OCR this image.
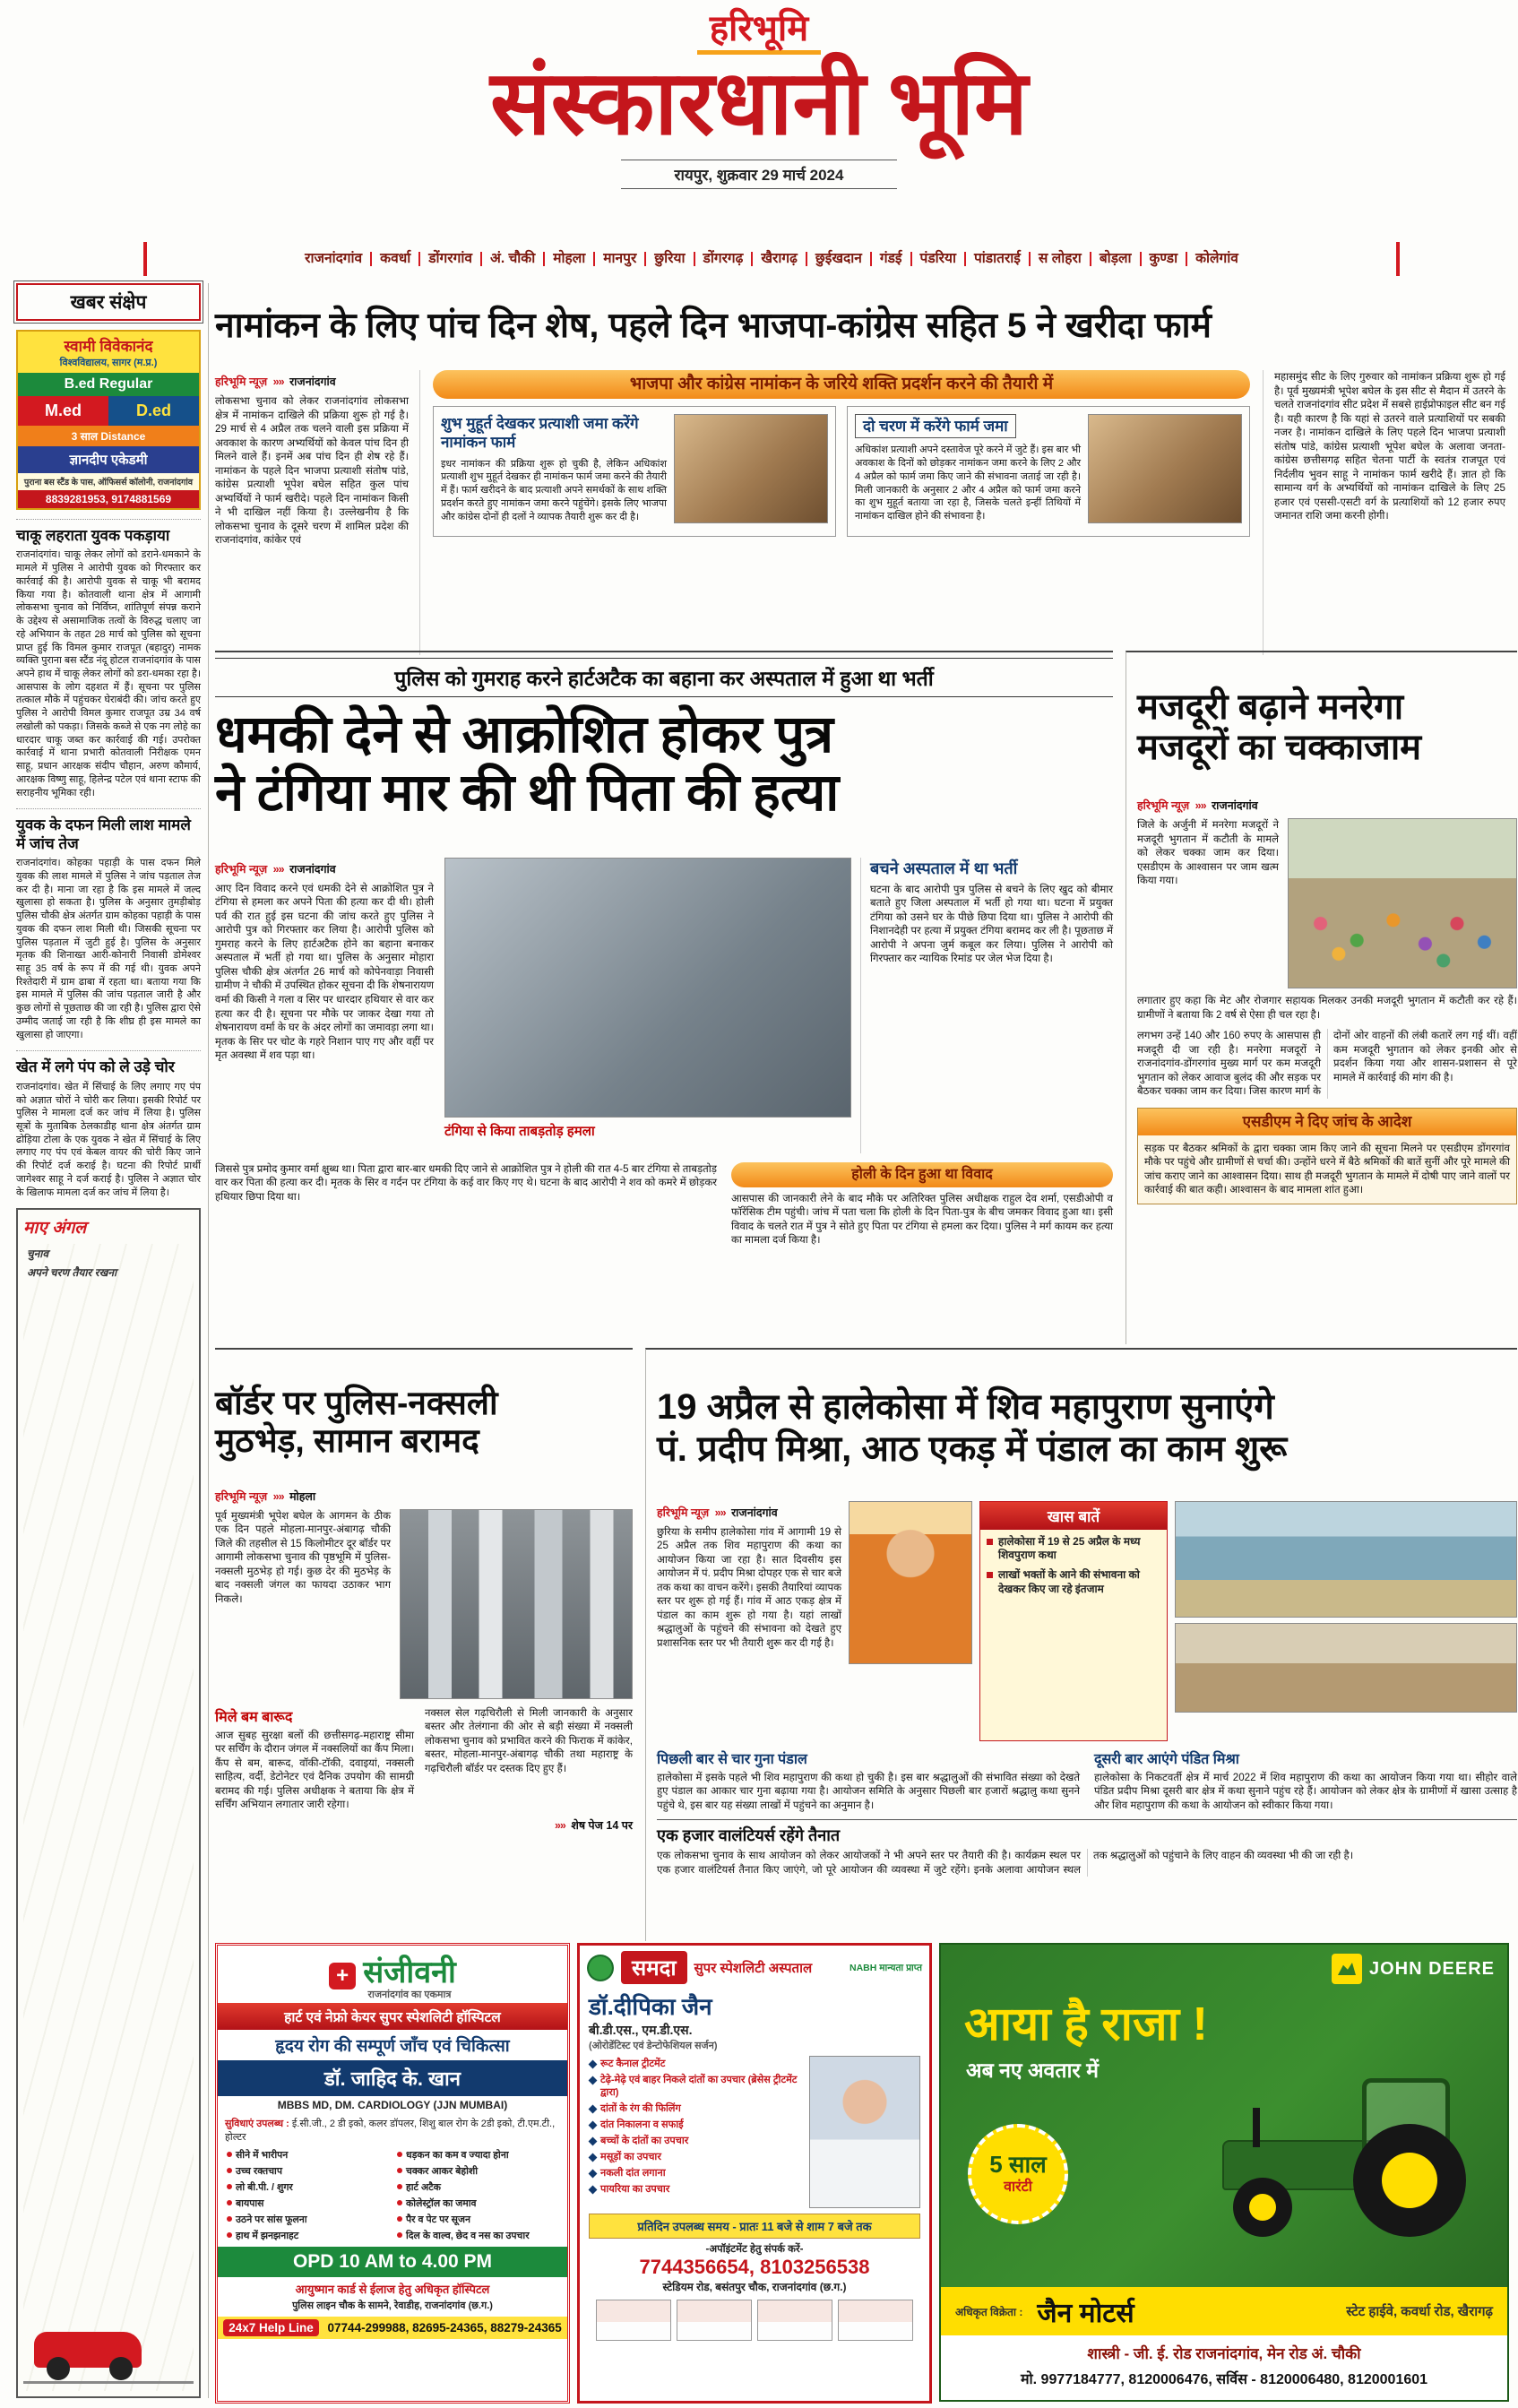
हरिभूमि
संस्कारधानी भूमि
रायपुर, शुक्रवार 29 मार्च 2024
राजनांदगांव	कवर्धा	डोंगरगांव	अं. चौकी	मोहला	मानपुर	छुरिया	डोंगरगढ़	खैरागढ़	छुईखदान	गंडई	पंडरिया	पांडातराई	स लोहरा	बोड़ला	कुण्डा	कोलेगांव
खबर संक्षेप
स्वामी विवेकानंद
विश्वविद्यालय, सागर (म.प्र.)
B.ed Regular
M.ed	D.ed
3 साल Distance
ज्ञानदीप एकेडमी
पुराना बस स्टैंड के पास, ऑफिसर्स कॉलोनी, राजनांदगांव
8839281953, 9174881569
चाकू लहराता युवक पकड़ाया
राजनांदगांव। चाकू लेकर लोगों को डराने-धमकाने के मामले में पुलिस ने आरोपी युवक को गिरफ्तार कर कार्रवाई की है। आरोपी युवक से चाकू भी बरामद किया गया है। कोतवाली थाना क्षेत्र में आगामी लोकसभा चुनाव को निर्विघ्न, शांतिपूर्ण संपन्न कराने के उद्देश्य से असामाजिक तत्वों के विरुद्ध चलाए जा रहे अभियान के तहत 28 मार्च को पुलिस को सूचना प्राप्त हुई कि विमल कुमार राजपूत (बहादुर) नामक व्यक्ति पुराना बस स्टैंड नंदू होटल राजनांदगांव के पास अपने हाथ में चाकू लेकर लोगों को डरा-धमका रहा है। आसपास के लोग दहशत में हैं। सूचना पर पुलिस तत्काल मौके में पहुंचकर घेराबंदी की। जांच करते हुए पुलिस ने आरोपी विमल कुमार राजपूत उम्र 34 वर्ष लखोली को पकड़ा। जिसके कब्जे से एक नग लोहे का धारदार चाकू जब्त कर कार्रवाई की गई। उपरोक्त कार्रवाई में थाना प्रभारी कोतवाली निरीक्षक एमन साहू, प्रधान आरक्षक संदीप चौहान, अरुण कौमार्य, आरक्षक विष्णु साहू, हिलेन्द्र पटेल एवं थाना स्टाफ की सराहनीय भूमिका रही।
युवक के दफन मिली लाश मामले में जांच तेज
राजनांदगांव। कोहका पहाड़ी के पास दफन मिले युवक की लाश मामले में पुलिस ने जांच पड़ताल तेज कर दी है। माना जा रहा है कि इस मामले में जल्द खुलासा हो सकता है। पुलिस के अनुसार तुमड़ीबोड़ पुलिस चौकी क्षेत्र अंतर्गत ग्राम कोहका पहाड़ी के पास युवक की दफन लाश मिली थी। जिसकी सूचना पर पुलिस पड़ताल में जुटी हुई है। पुलिस के अनुसार मृतक की शिनाख्त आरी-कोनारी निवासी डोमेश्वर साहू 35 वर्ष के रूप में की गई थी। युवक अपने रिश्तेदारी में ग्राम ढाबा में रहता था। बताया गया कि इस मामले में पुलिस की जांच पड़ताल जारी है और कुछ लोगों से पूछताछ की जा रही है। पुलिस द्वारा ऐसे उम्मीद जताई जा रही है कि शीघ्र ही इस मामले का खुलासा हो जाएगा।
खेत में लगे पंप को ले उड़े चोर
राजनांदगांव। खेत में सिंचाई के लिए लगाए गए पंप को अज्ञात चोरों ने चोरी कर लिया। इसकी रिपोर्ट पर पुलिस ने मामला दर्ज कर जांच में लिया है। पुलिस सूत्रों के मुताबिक ठेलकाडीह थाना क्षेत्र अंतर्गत ग्राम ढोड़िया टोला के एक युवक ने खेत में सिंचाई के लिए लगाए गए पंप एवं केबल वायर की चोरी किए जाने की रिपोर्ट दर्ज कराई है। घटना की रिपोर्ट प्रार्थी जागेश्वर साहू ने दर्ज कराई है। पुलिस ने अज्ञात चोर के खिलाफ मामला दर्ज कर जांच में लिया है।
माए अंगल
चुनाव
अपने चरण तैयार रखना
नामांकन के लिए पांच दिन शेष, पहले दिन भाजपा-कांग्रेस सहित 5 ने खरीदा फार्म
हरिभूमि न्यूज़ »» राजनांदगांव
लोकसभा चुनाव को लेकर राजनांदगांव लोकसभा क्षेत्र में नामांकन दाखिले की प्रक्रिया शुरू हो गई है। 29 मार्च से 4 अप्रैल तक चलने वाली इस प्रक्रिया में अवकाश के कारण अभ्यर्थियों को केवल पांच दिन ही मिलने वाले हैं। इनमें अब पांच दिन ही शेष रहे हैं। नामांकन के पहले दिन भाजपा प्रत्याशी संतोष पांडे, कांग्रेस प्रत्याशी भूपेश बघेल सहित कुल पांच अभ्यर्थियों ने फार्म खरीदे। पहले दिन नामांकन किसी ने भी दाखिल नहीं किया है। उल्लेखनीय है कि लोकसभा चुनाव के दूसरे चरण में शामिल प्रदेश की राजनांदगांव, कांकेर एवं
भाजपा और कांग्रेस नामांकन के जरिये शक्ति प्रदर्शन करने की तैयारी में
शुभ मुहूर्त देखकर प्रत्याशी जमा करेंगे नामांकन फार्म
इधर नामांकन की प्रक्रिया शुरू हो चुकी है, लेकिन अधिकांश प्रत्याशी शुभ मुहूर्त देखकर ही नामांकन फार्म जमा करने की तैयारी में हैं। फार्म खरीदने के बाद प्रत्याशी अपने समर्थकों के साथ शक्ति प्रदर्शन करते हुए नामांकन जमा करने पहुंचेंगे। इसके लिए भाजपा और कांग्रेस दोनों ही दलों ने व्यापक तैयारी शुरू कर दी है।
दो चरण में करेंगे फार्म जमा
अधिकांश प्रत्याशी अपने दस्तावेज पूरे करने में जुटे हैं। इस बार भी अवकाश के दिनों को छोड़कर नामांकन जमा करने के लिए 2 और 4 अप्रैल को फार्म जमा किए जाने की संभावना जताई जा रही है। मिली जानकारी के अनुसार 2 और 4 अप्रैल को फार्म जमा करने का शुभ मुहूर्त बताया जा रहा है, जिसके चलते इन्हीं तिथियों में नामांकन दाखिल होने की संभावना है।
महासमुंद सीट के लिए गुरुवार को नामांकन प्रक्रिया शुरू हो गई है। पूर्व मुख्यमंत्री भूपेश बघेल के इस सीट से मैदान में उतरने के चलते राजनांदगांव सीट प्रदेश में सबसे हाईप्रोफाइल सीट बन गई है। यही कारण है कि यहां से उतरने वाले प्रत्याशियों पर सबकी नजर है। नामांकन दाखिले के लिए पहले दिन भाजपा प्रत्याशी संतोष पांडे, कांग्रेस प्रत्याशी भूपेश बघेल के अलावा जनता-कांग्रेस छत्तीसगढ़ सहित चेतना पार्टी के स्वतंत्र राजपूत एवं निर्दलीय भुवन साहू ने नामांकन फार्म खरीदे हैं। ज्ञात हो कि सामान्य वर्ग के अभ्यर्थियों को नामांकन दाखिले के लिए 25 हजार एवं एससी-एसटी वर्ग के प्रत्याशियों को 12 हजार रुपए जमानत राशि जमा करनी होगी।
पुलिस को गुमराह करने हार्टअटैक का बहाना कर अस्पताल में हुआ था भर्ती
धमकी देने से आक्रोशित होकर पुत्र
ने टंगिया मार की थी पिता की हत्या
हरिभूमि न्यूज़ »» राजनांदगांव
आए दिन विवाद करने एवं धमकी देने से आक्रोशित पुत्र ने टंगिया से हमला कर अपने पिता की हत्या कर दी थी। होली पर्व की रात हुई इस घटना की जांच करते हुए पुलिस ने आरोपी पुत्र को गिरफ्तार कर लिया है। आरोपी पुलिस को गुमराह करने के लिए हार्टअटैक होने का बहाना बनाकर अस्पताल में भर्ती हो गया था। पुलिस के अनुसार मोहारा पुलिस चौकी क्षेत्र अंतर्गत 26 मार्च को कोपेनवाड़ा निवासी ग्रामीण ने चौकी में उपस्थित होकर सूचना दी कि शेषनारायण वर्मा की किसी ने गला व सिर पर धारदार हथियार से वार कर हत्या कर दी है। सूचना पर मौके पर जाकर देखा गया तो शेषनारायण वर्मा के घर के अंदर लोगों का जमावड़ा लगा था। मृतक के सिर पर चोट के गहरे निशान पाए गए और वहीं पर मृत अवस्था में शव पड़ा था।
टंगिया से किया ताबड़तोड़ हमला
बचने अस्पताल में था भर्ती
घटना के बाद आरोपी पुत्र पुलिस से बचने के लिए खुद को बीमार बताते हुए जिला अस्पताल में भर्ती हो गया था। घटना में प्रयुक्त टंगिया को उसने घर के पीछे छिपा दिया था। पुलिस ने आरोपी की निशानदेही पर हत्या में प्रयुक्त टंगिया बरामद कर ली है। पूछताछ में आरोपी ने अपना जुर्म कबूल कर लिया। पुलिस ने आरोपी को गिरफ्तार कर न्यायिक रिमांड पर जेल भेज दिया है।
जिससे पुत्र प्रमोद कुमार वर्मा क्षुब्ध था। पिता द्वारा बार-बार धमकी दिए जाने से आक्रोशित पुत्र ने होली की रात 4-5 बार टंगिया से ताबड़तोड़ वार कर पिता की हत्या कर दी। मृतक के सिर व गर्दन पर टंगिया के कई वार किए गए थे। घटना के बाद आरोपी ने शव को कमरे में छोड़कर हथियार छिपा दिया था।
होली के दिन हुआ था विवाद
आसपास की जानकारी लेने के बाद मौके पर अतिरिक्त पुलिस अधीक्षक राहुल देव शर्मा, एसडीओपी व फॉरेंसिक टीम पहुंची। जांच में पता चला कि होली के दिन पिता-पुत्र के बीच जमकर विवाद हुआ था। इसी विवाद के चलते रात में पुत्र ने सोते हुए पिता पर टंगिया से हमला कर दिया। पुलिस ने मर्ग कायम कर हत्या का मामला दर्ज किया है।
मजदूरी बढ़ाने मनरेगा
मजदूरों का चक्काजाम
हरिभूमि न्यूज़ »» राजनांदगांव
जिले के अर्जुनी में मनरेगा मजदूरों ने मजदूरी भुगतान में कटौती के मामले को लेकर चक्का जाम कर दिया। एसडीएम के आश्वासन पर जाम खत्म किया गया।
लगातार हुए कहा कि मेट और रोजगार सहायक मिलकर उनकी मजदूरी भुगतान में कटौती कर रहे हैं। ग्रामीणों ने बताया कि 2 वर्ष से ऐसा ही चल रहा है।
लगभग उन्हें 140 और 160 रुपए के आसपास ही मजदूरी दी जा रही है। मनरेगा मजदूरों ने राजनांदगांव-डोंगरगांव मुख्य मार्ग पर कम मजदूरी भुगतान को लेकर आवाज बुलंद की और सड़क पर बैठकर चक्का जाम कर दिया। जिस कारण मार्ग के दोनों ओर वाहनों की लंबी कतारें लग गई थीं। वहीं कम मजदूरी भुगतान को लेकर इनकी ओर से प्रदर्शन किया गया और शासन-प्रशासन से पूरे मामले में कार्रवाई की मांग की है।
एसडीएम ने दिए जांच के आदेश
सड़क पर बैठकर श्रमिकों के द्वारा चक्का जाम किए जाने की सूचना मिलने पर एसडीएम डोंगरगांव मौके पर पहुंचे और ग्रामीणों से चर्चा की। उन्होंने धरने में बैठे श्रमिकों की बातें सुनीं और पूरे मामले की जांच कराए जाने का आश्वासन दिया। साथ ही मजदूरी भुगतान के मामले में दोषी पाए जाने वालों पर कार्रवाई की बात कही। आश्वासन के बाद मामला शांत हुआ।
बॉर्डर पर पुलिस-नक्सली
मुठभेड़, सामान बरामद
हरिभूमि न्यूज़ »» मोहला
पूर्व मुख्यमंत्री भूपेश बघेल के आगमन के ठीक एक दिन पहले मोहला-मानपुर-अंबागढ़ चौकी जिले की तहसील से 15 किलोमीटर दूर बॉर्डर पर आगामी लोकसभा चुनाव की पृष्ठभूमि में पुलिस-नक्सली मुठभेड़ हो गई। कुछ देर की मुठभेड़ के बाद नक्सली जंगल का फायदा उठाकर भाग निकले।
मिले बम बारूद
आज सुबह सुरक्षा बलों की छत्तीसगढ़-महाराष्ट्र सीमा पर सर्चिंग के दौरान जंगल में नक्सलियों का कैंप मिला। कैंप से बम, बारूद, वॉकी-टॉकी, दवाइयां, नक्सली साहित्य, वर्दी, डेटोनेटर एवं दैनिक उपयोग की सामग्री बरामद की गई। पुलिस अधीक्षक ने बताया कि क्षेत्र में सर्चिंग अभियान लगातार जारी रहेगा।
नक्सल सेल गढ़चिरौली से मिली जानकारी के अनुसार बस्तर और तेलंगाना की ओर से बड़ी संख्या में नक्सली लोकसभा चुनाव को प्रभावित करने की फिराक में कांकेर, बस्तर, मोहला-मानपुर-अंबागढ़ चौकी तथा महाराष्ट्र के गढ़चिरौली बॉर्डर पर दस्तक दिए हुए हैं।
»» शेष पेज 14 पर
19 अप्रैल से हालेकोसा में शिव महापुराण सुनाएंगे
पं. प्रदीप मिश्रा, आठ एकड़ में पंडाल का काम शुरू
हरिभूमि न्यूज़ »» राजनांदगांव
छुरिया के समीप हालेकोसा गांव में आगामी 19 से 25 अप्रैल तक शिव महापुराण की कथा का आयोजन किया जा रहा है। सात दिवसीय इस आयोजन में पं. प्रदीप मिश्रा दोपहर एक से चार बजे तक कथा का वाचन करेंगे। इसकी तैयारियां व्यापक स्तर पर शुरू हो गई हैं। गांव में आठ एकड़ क्षेत्र में पंडाल का काम शुरू हो गया है। यहां लाखों श्रद्धालुओं के पहुंचने की संभावना को देखते हुए प्रशासनिक स्तर पर भी तैयारी शुरू कर दी गई है।
खास बातें
हालेकोसा में 19 से 25 अप्रैल के मध्य शिवपुराण कथा
लाखों भक्तों के आने की संभावना को देखकर किए जा रहे इंतजाम
पिछली बार से चार गुना पंडाल
हालेकोसा में इसके पहले भी शिव महापुराण की कथा हो चुकी है। इस बार श्रद्धालुओं की संभावित संख्या को देखते हुए पंडाल का आकार चार गुना बढ़ाया गया है। आयोजन समिति के अनुसार पिछली बार हजारों श्रद्धालु कथा सुनने पहुंचे थे, इस बार यह संख्या लाखों में पहुंचने का अनुमान है।
दूसरी बार आएंगे पंडित मिश्रा
हालेकोसा के निकटवर्ती क्षेत्र में मार्च 2022 में शिव महापुराण की कथा का आयोजन किया गया था। सीहोर वाले पंडित प्रदीप मिश्रा दूसरी बार क्षेत्र में कथा सुनाने पहुंच रहे हैं। आयोजन को लेकर क्षेत्र के ग्रामीणों में खासा उत्साह है और शिव महापुराण की कथा के आयोजन को स्वीकार किया गया।
एक हजार वालंटियर्स रहेंगे तैनात
एक लोकसभा चुनाव के साथ आयोजन को लेकर आयोजकों ने भी अपने स्तर पर तैयारी की है। कार्यक्रम स्थल पर एक हजार वालंटियर्स तैनात किए जाएंगे, जो पूरे आयोजन की व्यवस्था में जुटे रहेंगे। इनके अलावा आयोजन स्थल तक श्रद्धालुओं को पहुंचाने के लिए वाहन की व्यवस्था भी की जा रही है।
+ संजीवनी
राजनांदगांव का एकमात्र
हार्ट एवं नेफ्रो केयर सुपर स्पेशलिटी हॉस्पिटल
हृदय रोग की सम्पूर्ण जाँच एवं चिकित्सा
डॉ. जाहिद के. खान
MBBS MD, DM. CARDIOLOGY (JJN MUMBAI)
सुविधाएं उपलब्ध : ई.सी.जी., 2 डी इको, कलर डॉपलर, शिशु बाल रोग के 2डी इको, टी.एम.टी., होल्टर
सीने में भारीपन
उच्च रक्तचाप
लो बी.पी. / शुगर
बायपास
उठने पर सांस फूलना
हाथ में झनझनाहट
धड़कन का कम व ज्यादा होना
चक्कर आकर बेहोशी
हार्ट अटैक
कोलेस्ट्रॉल का जमाव
पैर व पेट पर सूजन
दिल के वाल्व, छेद व नस का उपचार
OPD 10 AM to 4.00 PM
आयुष्मान कार्ड से ईलाज हेतु अधिकृत हॉस्पिटल
पुलिस लाइन चौक के सामने, रेवाडीह, राजनांदगांव (छ.ग.)
24x7 Help Line 07744-299988, 82695-24365, 88279-24365
समदा	सुपर स्पेशलिटी अस्पताल	NABH मान्यता प्राप्त
डॉ.दीपिका जैन
बी.डी.एस., एम.डी.एस.
(ओरोडेंटिस्ट एवं डेन्टोफेशियल सर्जन)
रूट कैनाल ट्रीटमेंट
टेढ़े-मेढ़े एवं बाहर निकले दांतों का उपचार (ब्रेसेस ट्रीटमेंट द्वारा)
दांतों के रंग की फिलिंग
दांत निकालना व सफाई
बच्चों के दांतों का उपचार
मसूड़ों का उपचार
नकली दांत लगाना
पायरिया का उपचार
प्रतिदिन उपलब्ध समय - प्रातः 11 बजे से शाम 7 बजे तक
-अपॉइंटमेंट हेतु संपर्क करें-
7744356654, 8103256538
स्टेडियम रोड, बसंतपुर चौक, राजनांदगांव (छ.ग.)
JOHN DEERE
आया है राजा !
अब नए अवतार में
5 साल
वारंटी
अधिकृत विक्रेता : जैन मोटर्स	स्टेट हाईवे, कवर्धा रोड, खैरागढ़
शास्त्री - जी. ई. रोड राजनांदगांव, मेन रोड अं. चौकी
मो. 9977184777, 8120006476, सर्विस - 8120006480, 8120001601
